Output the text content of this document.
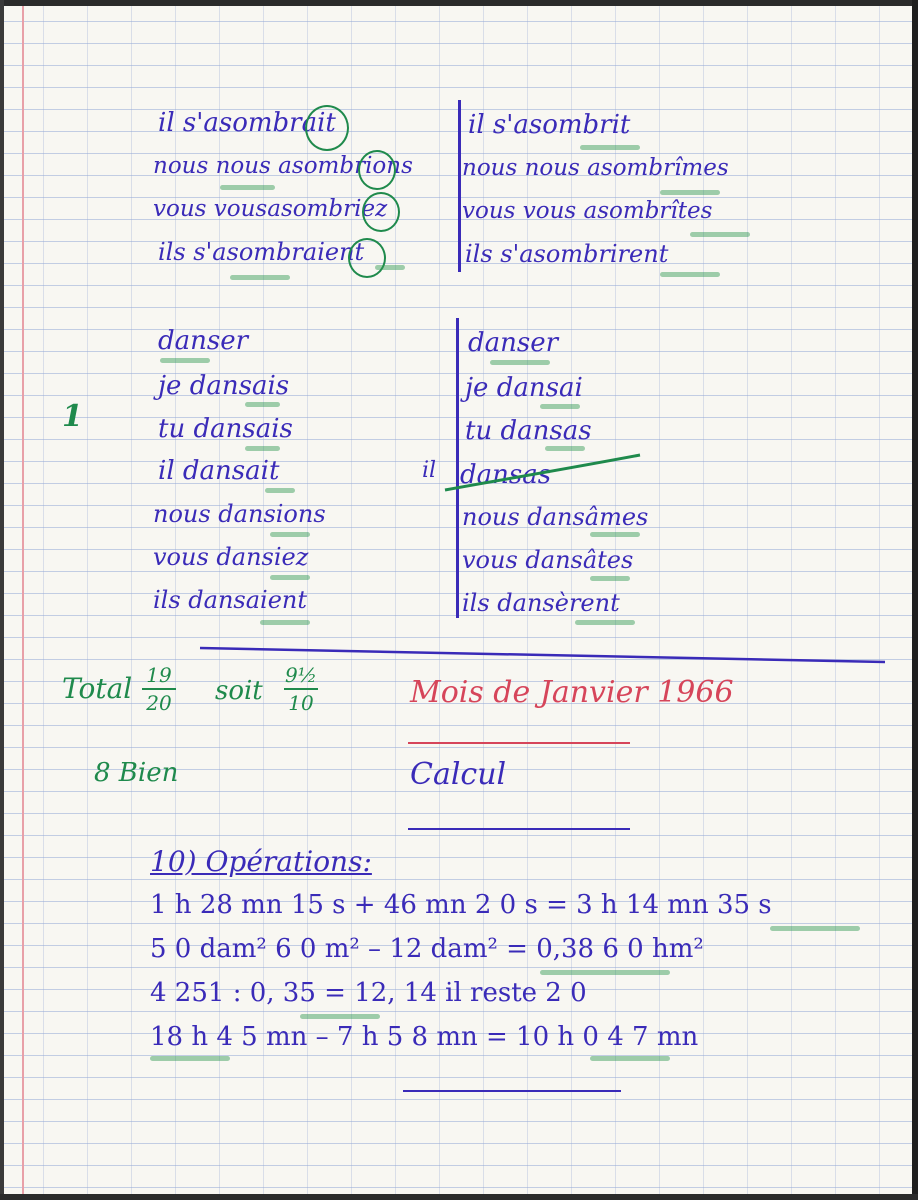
il s'asombrait
nous nous asombrions
vous vousasombriez
ils s'asombraient
il s'asombrit
nous nous asombrîmes
vous vous asombrîtes
ils s'asombrirent
danser
je dansais
tu dansais
il dansait
nous dansions
vous dansiez
ils dansaient
1
danser
je dansai
tu dansas
il dansas
nous dansâmes
vous dansâtes
ils dansèrent
Total 19
20 soit
9½
10
8 Bien
Mois de Janvier 1966
Calcul
10) Opérations:
1 h 28 mn 15 s + 46 mn 2 0 s = 3 h 14 mn 35 s
5 0 dam² 6 0 m² – 12 dam² = 0,38 6 0 hm²
4 251 : 0, 35 = 12, 14 il reste 2 0
18 h 4 5 mn – 7 h 5 8 mn = 10 h 0 4 7 mn
